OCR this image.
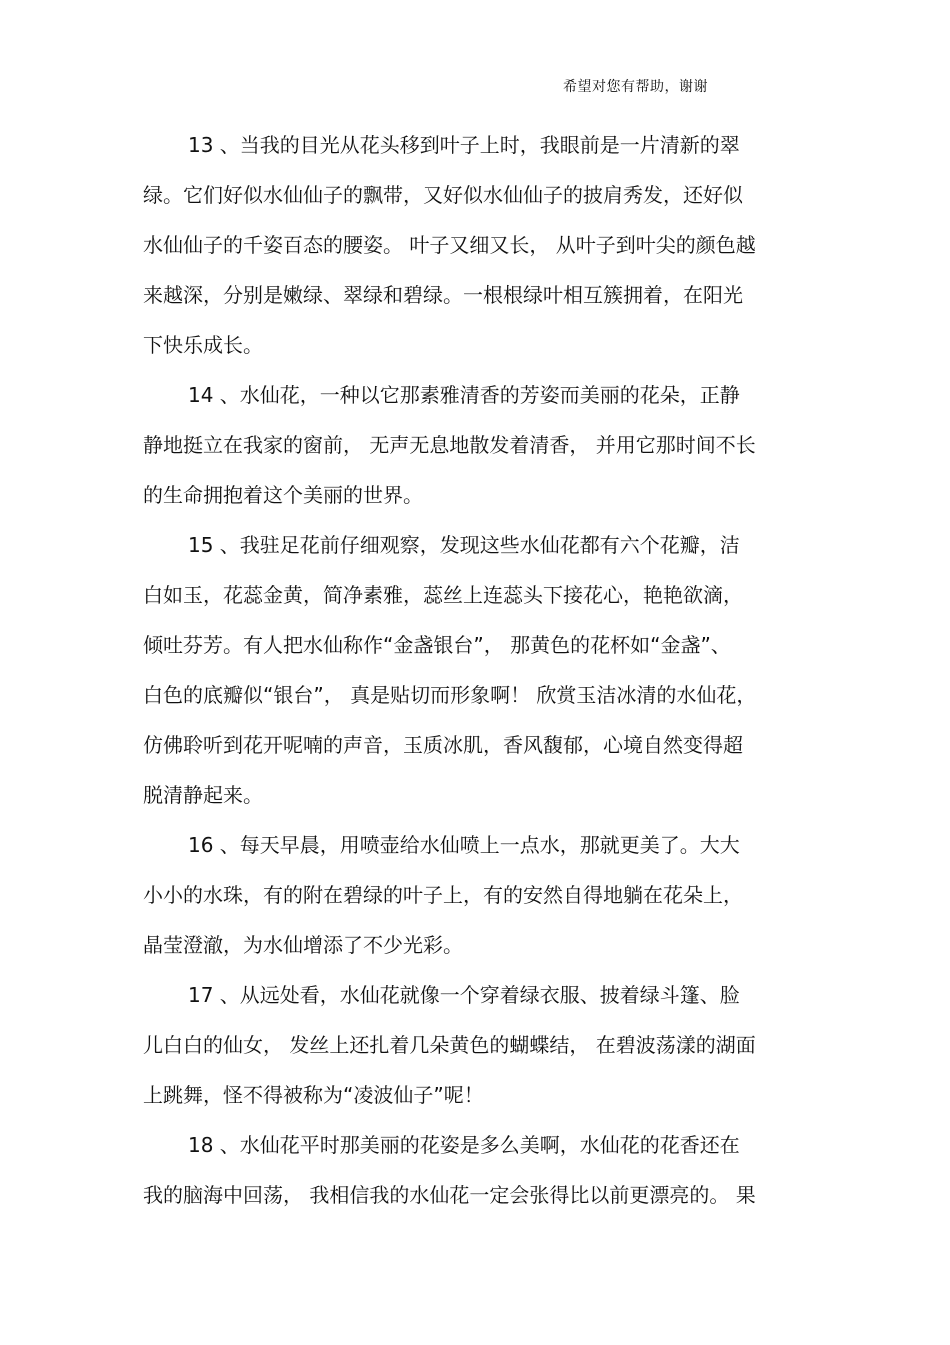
希望对您有帮助，谢谢
13 、当我的目光从花头移到叶子上时，我眼前是一片清新的翠
绿。它们好似水仙仙子的飘带，又好似水仙仙子的披肩秀发，还好似
水仙仙子的千姿百态的腰姿。 叶子又细又长， 从叶子到叶尖的颜色越
来越深，分别是嫩绿、翠绿和碧绿。一根根绿叶相互簇拥着，在阳光
下快乐成长。
14 、水仙花，一种以它那素雅清香的芳姿而美丽的花朵，正静
静地挺立在我家的窗前， 无声无息地散发着清香， 并用它那时间不长
的生命拥抱着这个美丽的世界。
15 、我驻足花前仔细观察，发现这些水仙花都有六个花瓣，洁
白如玉，花蕊金黄，简净素雅，蕊丝上连蕊头下接花心，艳艳欲滴，
倾吐芬芳。有人把水仙称作“金盏银台”， 那黄色的花杯如“金盏”、
白色的底瓣似“银台”， 真是贴切而形象啊！ 欣赏玉洁冰清的水仙花，
仿佛聆听到花开呢喃的声音，玉质冰肌，香风馥郁，心境自然变得超
脱清静起来。
16 、每天早晨，用喷壶给水仙喷上一点水，那就更美了。大大
小小的水珠，有的附在碧绿的叶子上，有的安然自得地躺在花朵上，
晶莹澄澈，为水仙增添了不少光彩。
17 、从远处看，水仙花就像一个穿着绿衣服、披着绿斗篷、脸
儿白白的仙女， 发丝上还扎着几朵黄色的蝴蝶结， 在碧波荡漾的湖面
上跳舞，怪不得被称为“凌波仙子”呢！
18 、水仙花平时那美丽的花姿是多么美啊，水仙花的花香还在
我的脑海中回荡， 我相信我的水仙花一定会张得比以前更漂亮的。 果
